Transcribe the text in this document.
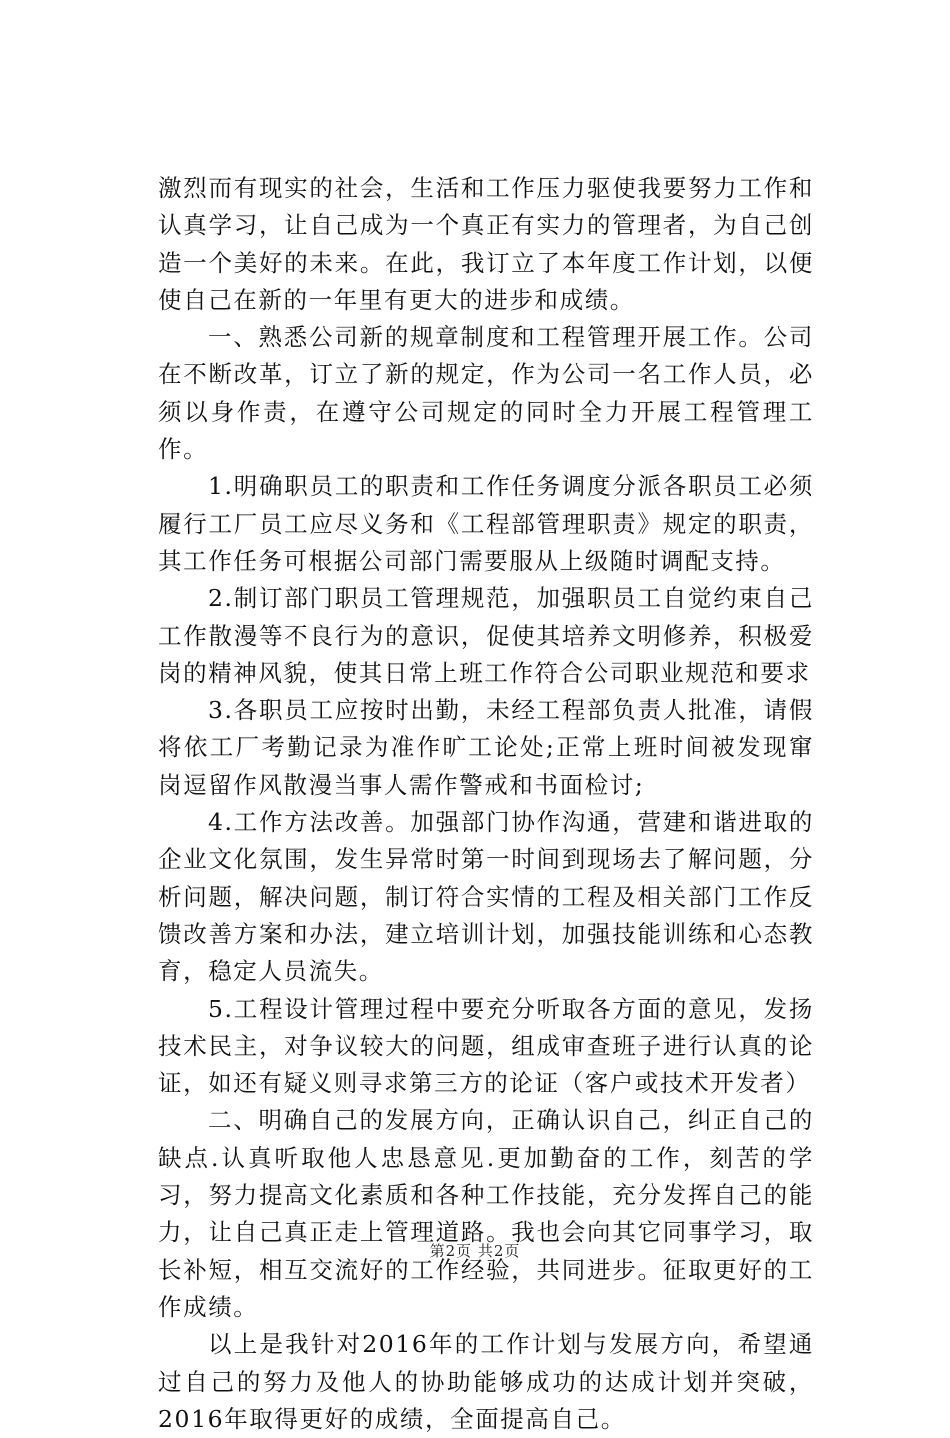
激烈而有现实的社会，生活和工作压力驱使我要努力工作和认真学习，让自己成为一个真正有实力的管理者，为自己创造一个美好的未来。在此，我订立了本年度工作计划，以便使自己在新的一年里有更大的进步和成绩。

一、熟悉公司新的规章制度和工程管理开展工作。公司在不断改革，订立了新的规定，作为公司一名工作人员，必须以身作责，在遵守公司规定的同时全力开展工程管理工作。

1.明确职员工的职责和工作任务调度分派各职员工必须履行工厂员工应尽义务和《工程部管理职责》规定的职责，其工作任务可根据公司部门需要服从上级随时调配支持。

2.制订部门职员工管理规范，加强职员工自觉约束自己工作散漫等不良行为的意识，促使其培养文明修养，积极爱岗的精神风貌，使其日常上班工作符合公司职业规范和要求

3.各职员工应按时出勤，未经工程部负责人批准，请假将依工厂考勤记录为准作旷工论处;正常上班时间被发现窜岗逗留作风散漫当事人需作警戒和书面检讨;

4.工作方法改善。加强部门协作沟通，营建和谐进取的企业文化氛围，发生异常时第一时间到现场去了解问题，分析问题，解决问题，制订符合实情的工程及相关部门工作反馈改善方案和办法，建立培训计划，加强技能训练和心态教育，稳定人员流失。

5.工程设计管理过程中要充分听取各方面的意见，发扬技术民主，对争议较大的问题，组成审查班子进行认真的论证，如还有疑义则寻求第三方的论证（客户或技术开发者）

二、明确自己的发展方向，正确认识自己，纠正自己的缺点.认真听取他人忠恳意见.更加勤奋的工作，刻苦的学习，努力提高文化素质和各种工作技能，充分发挥自己的能力，让自己真正走上管理道路。我也会向其它同事学习，取长补短，相互交流好的工作经验，共同进步。征取更好的工作成绩。

以上是我针对2016年的工作计划与发展方向，希望通过自己的努力及他人的协助能够成功的达成计划并突破，2016年取得更好的成绩，全面提高自己。

第2页 共2页
